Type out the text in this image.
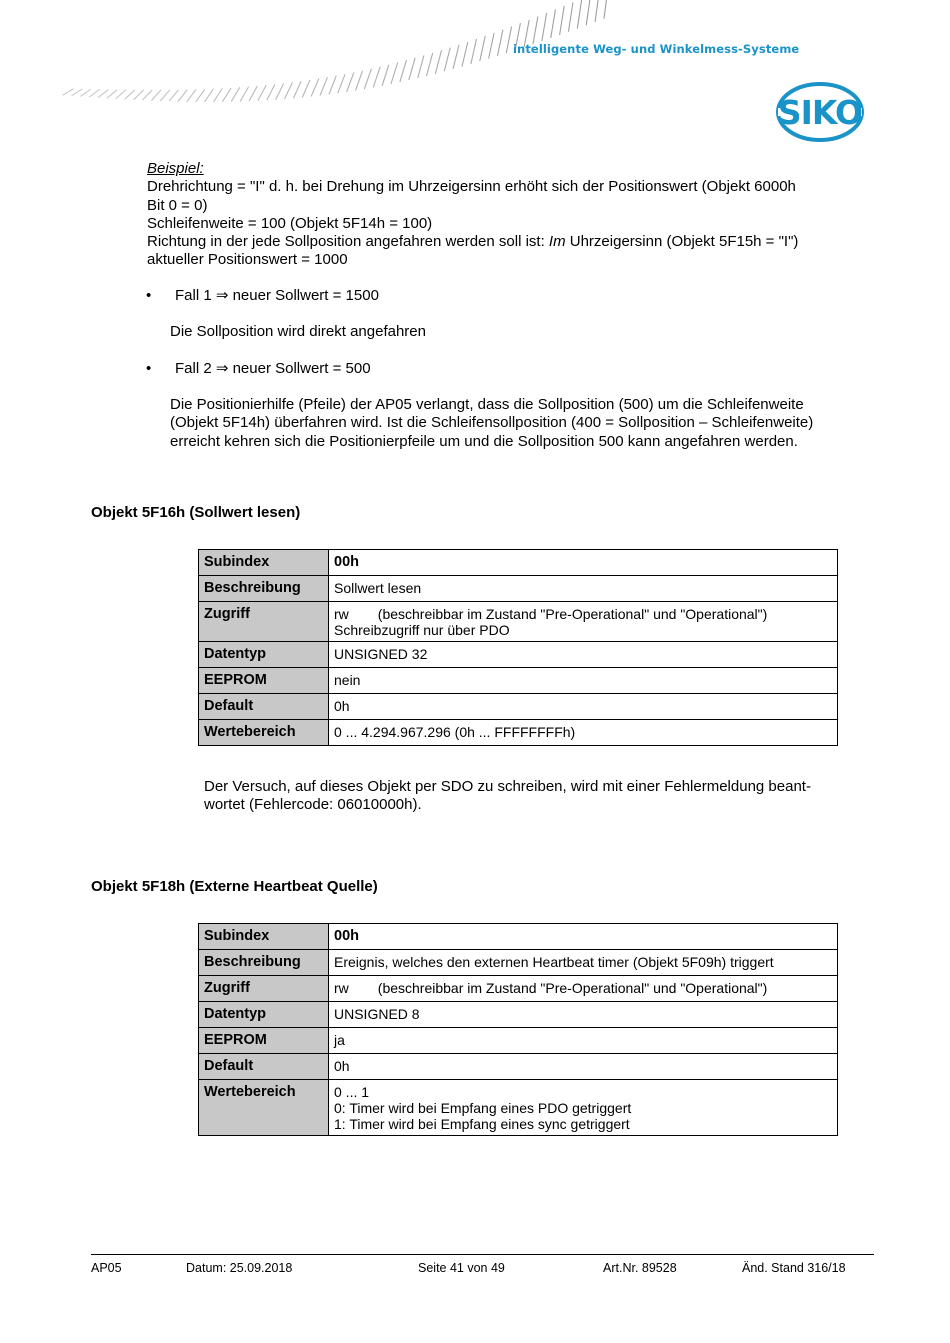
intelligente Weg- und Winkelmess-Systeme
SIKO
Beispiel:
Drehrichtung = "I" d. h. bei Drehung im Uhrzeigersinn erhöht sich der Positionswert (Objekt 6000h
Bit 0 = 0)
Schleifenweite = 100 (Objekt 5F14h = 100)
Richtung in der jede Sollposition angefahren werden soll ist: Im Uhrzeigersinn (Objekt 5F15h = "I")
aktueller Positionswert = 1000
• Fall 1 ⇒ neuer Sollwert = 1500
Die Sollposition wird direkt angefahren
• Fall 2 ⇒ neuer Sollwert = 500
Die Positionierhilfe (Pfeile) der AP05 verlangt, dass die Sollposition (500) um die Schleifenweite
(Objekt 5F14h) überfahren wird. Ist die Schleifensollposition (400 = Sollposition – Schleifenweite)
erreicht kehren sich die Positionierpfeile um und die Sollposition 500 kann angefahren werden.
Objekt 5F16h (Sollwert lesen)
Subindex	00h
Beschreibung	Sollwert lesen
Zugriff	rw (beschreibbar im Zustand "Pre-Operational" und "Operational")
Schreibzugriff nur über PDO
Datentyp	UNSIGNED 32
EEPROM	nein
Default	0h
Wertebereich	0 ... 4.294.967.296 (0h ... FFFFFFFFh)
Der Versuch, auf dieses Objekt per SDO zu schreiben, wird mit einer Fehlermeldung beant-
wortet (Fehlercode: 06010000h).
Objekt 5F18h (Externe Heartbeat Quelle)
Subindex	00h
Beschreibung	Ereignis, welches den externen Heartbeat timer (Objekt 5F09h) triggert
Zugriff	rw (beschreibbar im Zustand "Pre-Operational" und "Operational")
Datentyp	UNSIGNED 8
EEPROM	ja
Default	0h
Wertebereich	0 ... 1
0: Timer wird bei Empfang eines PDO getriggert
1: Timer wird bei Empfang eines sync getriggert
AP05	Datum: 25.09.2018	Seite 41 von 49	Art.Nr. 89528	Änd. Stand 316/18
